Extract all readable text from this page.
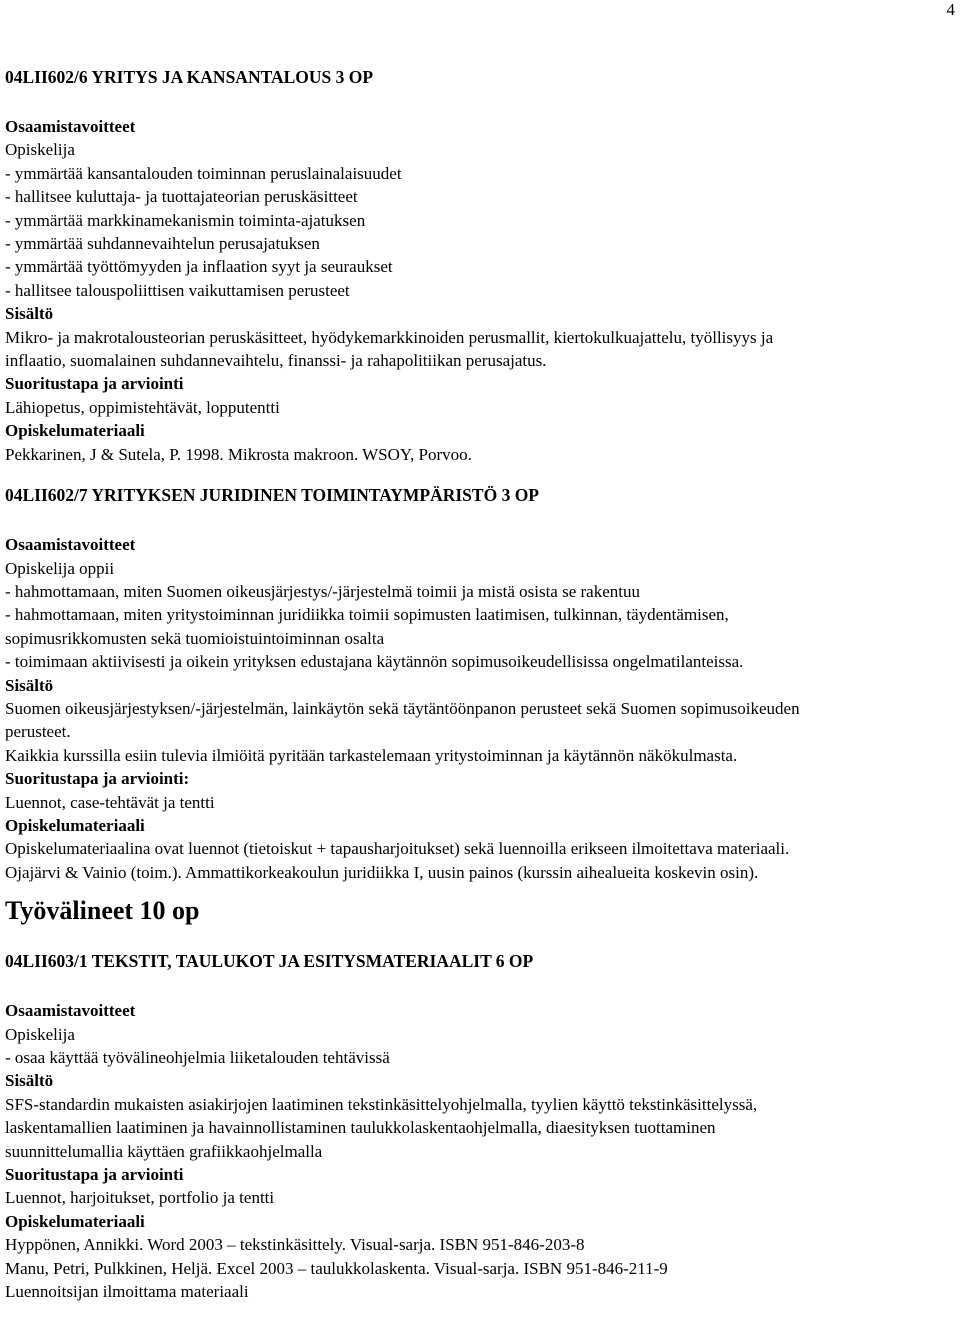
4
04LII602/6 YRITYS JA KANSANTALOUS 3 OP
Osaamistavoitteet
Opiskelija
- ymmärtää kansantalouden toiminnan peruslainalaisuudet
- hallitsee kuluttaja- ja tuottajateorian peruskäsitteet
- ymmärtää markkinamekanismin toiminta-ajatuksen
- ymmärtää suhdannevaihtelun perusajatuksen
- ymmärtää työttömyyden ja inflaation syyt ja seuraukset
- hallitsee talouspoliittisen vaikuttamisen perusteet
Sisältö
Mikro- ja makrotalousteorian peruskäsitteet, hyödykemarkkinoiden perusmallit, kiertokulkuajattelu, työllisyys ja
inflaatio, suomalainen suhdannevaihtelu, finanssi- ja rahapolitiikan perusajatus.
Suoritustapa ja arviointi
Lähiopetus, oppimistehtävät, lopputentti
Opiskelumateriaali
Pekkarinen, J & Sutela, P. 1998. Mikrosta makroon. WSOY, Porvoo.
04LII602/7 YRITYKSEN JURIDINEN TOIMINTAYMPÄRISTÖ 3 OP
Osaamistavoitteet
Opiskelija oppii
- hahmottamaan, miten Suomen oikeusjärjestys/-järjestelmä toimii ja mistä osista se rakentuu
- hahmottamaan, miten yritystoiminnan juridiikka toimii sopimusten laatimisen, tulkinnan, täydentämisen,
sopimusrikkomusten sekä tuomioistuintoiminnan osalta
- toimimaan aktiivisesti ja oikein yrityksen edustajana käytännön sopimusoikeudellisissa ongelmatilanteissa.
Sisältö
Suomen oikeusjärjestyksen/-järjestelmän, lainkäytön sekä täytäntöönpanon perusteet sekä Suomen sopimusoikeuden
perusteet.
Kaikkia kurssilla esiin tulevia ilmiöitä pyritään tarkastelemaan yritystoiminnan ja käytännön näkökulmasta.
Suoritustapa ja arviointi:
Luennot, case-tehtävät ja tentti
Opiskelumateriaali
Opiskelumateriaalina ovat luennot (tietoiskut + tapausharjoitukset) sekä luennoilla erikseen ilmoitettava materiaali.
Ojajärvi & Vainio (toim.). Ammattikorkeakoulun juridiikka I, uusin painos (kurssin aihealueita koskevin osin).
Työvälineet 10 op
04LII603/1 TEKSTIT, TAULUKOT JA ESITYSMATERIAALIT 6 OP
Osaamistavoitteet
Opiskelija
- osaa käyttää työvälineohjelmia liiketalouden tehtävissä
Sisältö
SFS-standardin mukaisten asiakirjojen laatiminen tekstinkäsittelyohjelmalla, tyylien käyttö tekstinkäsittelyssä,
laskentamallien laatiminen ja havainnollistaminen taulukkolaskentaohjelmalla, diaesityksen tuottaminen
suunnittelumallia käyttäen grafiikkaohjelmalla
Suoritustapa ja arviointi
Luennot, harjoitukset, portfolio ja tentti
Opiskelumateriaali
Hyppönen, Annikki. Word 2003 – tekstinkäsittely. Visual-sarja. ISBN 951-846-203-8
Manu, Petri, Pulkkinen, Heljä. Excel 2003 – taulukkolaskenta. Visual-sarja. ISBN 951-846-211-9
Luennoitsijan ilmoittama materiaali
